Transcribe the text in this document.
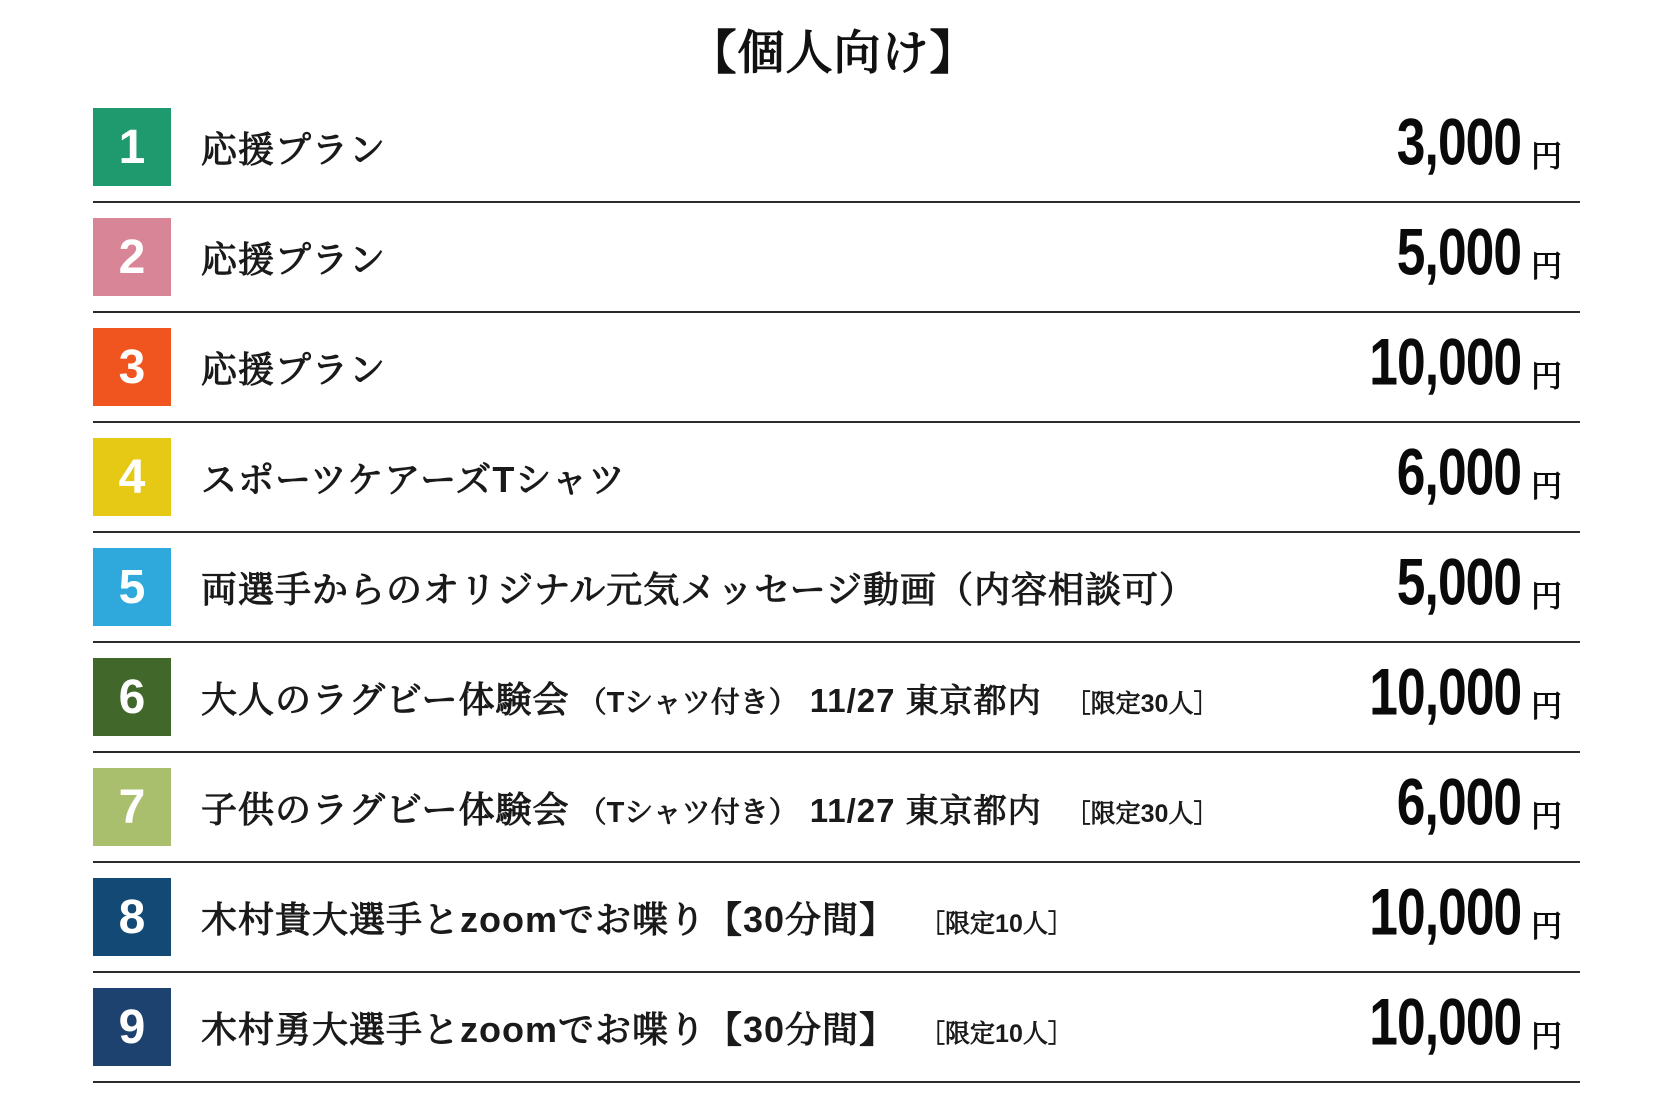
【個人向け】
1	応援プラン	3,000 円
2	応援プラン	5,000 円
3	応援プラン	10,000 円
4	スポーツケアーズTシャツ	6,000 円
5	両選手からのオリジナル元気メッセージ動画（内容相談可）	5,000 円
6	大人のラグビー体験会 （Tシャツ付き） 11/27 東京都内 ［限定30人］	10,000 円
7	子供のラグビー体験会 （Tシャツ付き） 11/27 東京都内 ［限定30人］	6,000 円
8	木村貴大選手とzoomでお喋り【30分間】 ［限定10人］	10,000 円
9	木村勇大選手とzoomでお喋り【30分間】 ［限定10人］	10,000 円
